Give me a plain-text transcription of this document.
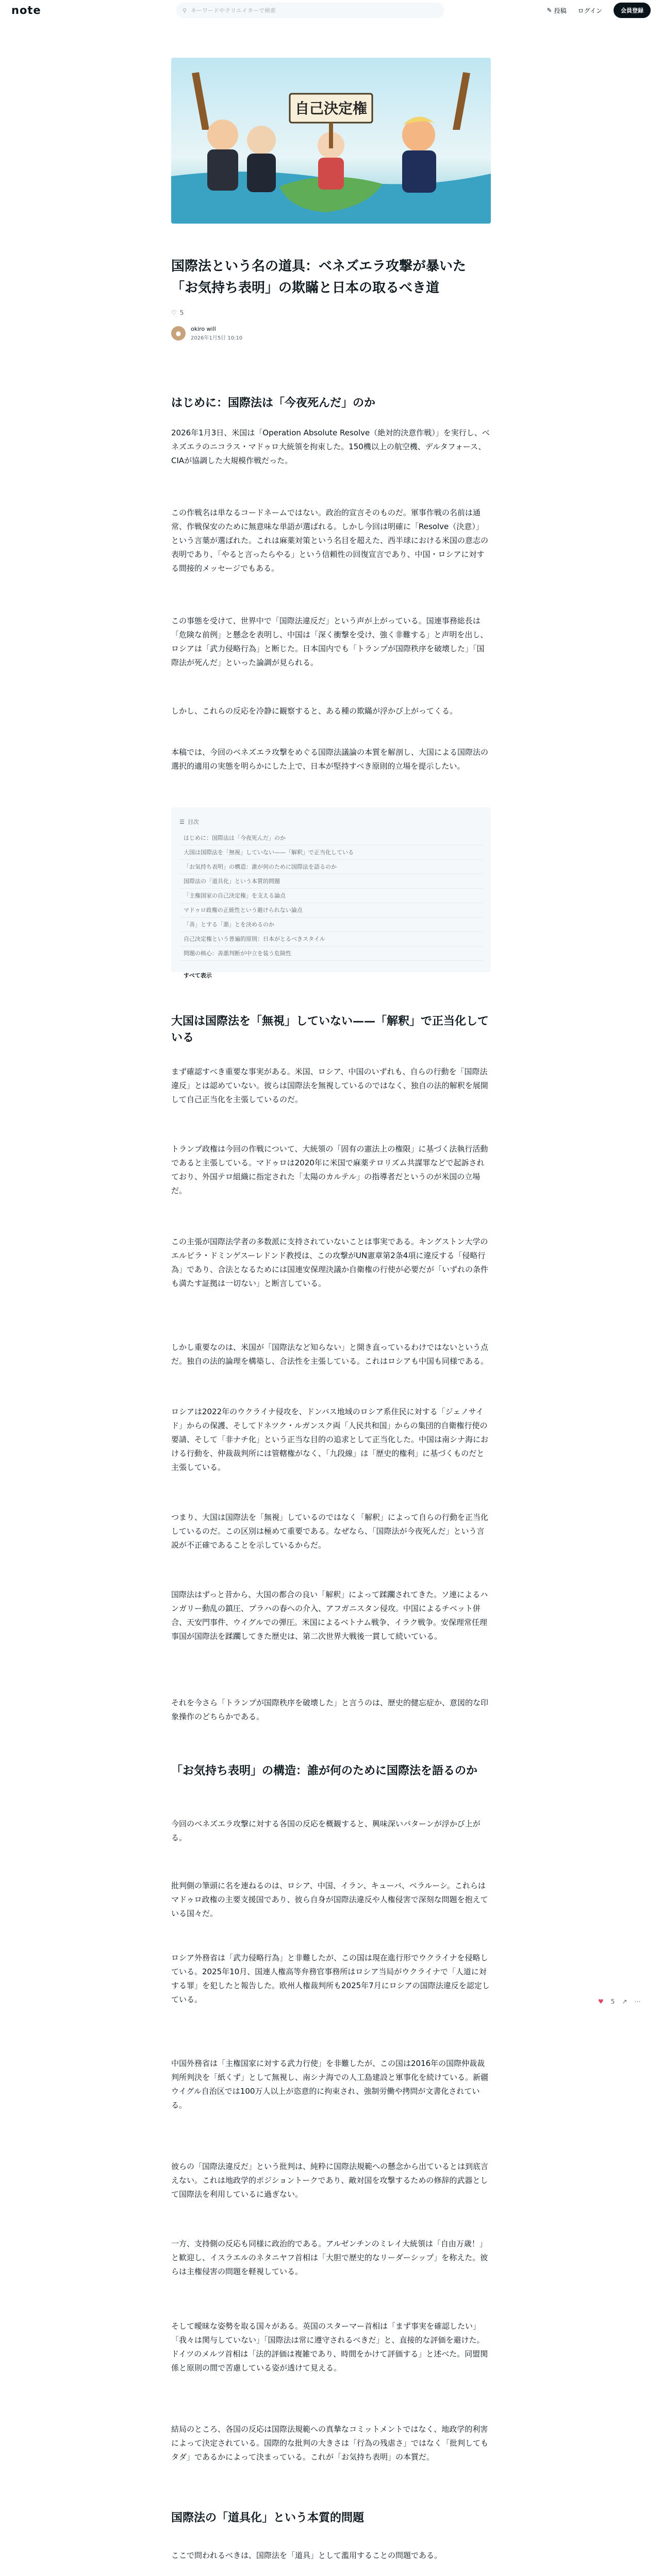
note	⚲ キーワードやクリエイターで検索	✎ 投稿 ログイン	会員登録
自己決定権
国際法という名の道具：ベネズエラ攻撃が暴いた「お気持ち表明」の欺瞞と日本の取るべき道
♡ 5
●
okiro will
2026年1月5日 10:10
はじめに：国際法は「今夜死んだ」のか

2026年1月3日、米国は「Operation Absolute Resolve（絶対的決意作戦）」を実行し、ベネズエラのニコラス・マドゥロ大統領を拘束した。150機以上の航空機、デルタフォース、CIAが協調した大規模作戦だった。

この作戦名は単なるコードネームではない。政治的宣言そのものだ。軍事作戦の名前は通常、作戦保安のために無意味な単語が選ばれる。しかし今回は明確に「Resolve（決意）」という言葉が選ばれた。これは麻薬対策という名目を超えた、西半球における米国の意志の表明であり、「やると言ったらやる」という信頼性の回復宣言であり、中国・ロシアに対する間接的メッセージでもある。

この事態を受けて、世界中で「国際法違反だ」という声が上がっている。国連事務総長は「危険な前例」と懸念を表明し、中国は「深く衝撃を受け、強く非難する」と声明を出し、ロシアは「武力侵略行為」と断じた。日本国内でも「トランプが国際秩序を破壊した」「国際法が死んだ」といった論調が見られる。

しかし、これらの反応を冷静に観察すると、ある種の欺瞞が浮かび上がってくる。

本稿では、今回のベネズエラ攻撃をめぐる国際法議論の本質を解剖し、大国による国際法の選択的適用の実態を明らかにした上で、日本が堅持すべき原則的立場を提示したい。

☰ 目次
はじめに：国際法は「今夜死んだ」のか
大国は国際法を「無視」していない——「解釈」で正当化している
「お気持ち表明」の構造：誰が何のために国際法を語るのか
国際法の「道具化」という本質的問題
「主権国家の自己決定権」を支える論点
マドゥロ政権の正統性という避けられない論点
「善」とする「悪」とを決めるのか
自己決定権という普遍的原則：日本がとるべきスタイル
問題の核心：善悪判断が中立を装う危険性
すべて表示
大国は国際法を「無視」していない——「解釈」で正当化している

まず確認すべき重要な事実がある。米国、ロシア、中国のいずれも、自らの行動を「国際法違反」とは認めていない。彼らは国際法を無視しているのではなく、独自の法的解釈を展開して自己正当化を主張しているのだ。

トランプ政権は今回の作戦について、大統領の「固有の憲法上の権限」に基づく法執行活動であると主張している。マドゥロは2020年に米国で麻薬テロリズム共謀罪などで起訴されており、外国テロ組織に指定された「太陽のカルテル」の指導者だというのが米国の立場だ。

この主張が国際法学者の多数派に支持されていないことは事実である。キングストン大学のエルビラ・ドミンゲスーレドンド教授は、この攻撃がUN憲章第2条4項に違反する「侵略行為」であり、合法となるためには国連安保理決議か自衛権の行使が必要だが「いずれの条件も満たす証拠は一切ない」と断言している。

しかし重要なのは、米国が「国際法など知らない」と開き直っているわけではないという点だ。独自の法的論理を構築し、合法性を主張している。これはロシアも中国も同様である。

ロシアは2022年のウクライナ侵攻を、ドンバス地域のロシア系住民に対する「ジェノサイド」からの保護、そしてドネツク・ルガンスク両「人民共和国」からの集団的自衛権行使の要請、そして「非ナチ化」という正当な目的の追求として正当化した。中国は南シナ海における行動を、仲裁裁判所には管轄権がなく、「九段線」は「歴史的権利」に基づくものだと主張している。

つまり、大国は国際法を「無視」しているのではなく「解釈」によって自らの行動を正当化しているのだ。この区別は極めて重要である。なぜなら、「国際法が今夜死んだ」という言説が不正確であることを示しているからだ。

国際法はずっと昔から、大国の都合の良い「解釈」によって蹂躙されてきた。ソ連によるハンガリー動乱の鎮圧、プラハの春への介入、アフガニスタン侵攻。中国によるチベット併合、天安門事件、ウイグルでの弾圧。米国によるベトナム戦争、イラク戦争。安保理常任理事国が国際法を蹂躙してきた歴史は、第二次世界大戦後一貫して続いている。

それを今さら「トランプが国際秩序を破壊した」と言うのは、歴史的健忘症か、意図的な印象操作のどちらかである。

「お気持ち表明」の構造：誰が何のために国際法を語るのか

今回のベネズエラ攻撃に対する各国の反応を概観すると、興味深いパターンが浮かび上がる。

批判側の筆頭に名を連ねるのは、ロシア、中国、イラン、キューバ、ベラルーシ。これらはマドゥロ政権の主要支援国であり、彼ら自身が国際法違反や人権侵害で深刻な問題を抱えている国々だ。

ロシア外務省は「武力侵略行為」と非難したが、この国は現在進行形でウクライナを侵略している。2025年10月、国連人権高等弁務官事務所はロシア当局がウクライナで「人道に対する罪」を犯したと報告した。欧州人権裁判所も2025年7月にロシアの国際法違反を認定している。

中国外務省は「主権国家に対する武力行使」を非難したが、この国は2016年の国際仲裁裁判所判決を「紙くず」として無視し、南シナ海での人工島建設と軍事化を続けている。新疆ウイグル自治区では100万人以上が恣意的に拘束され、強制労働や拷問が文書化されている。

彼らの「国際法違反だ」という批判は、純粋に国際法規範への懸念から出ているとは到底言えない。これは地政学的ポジショントークであり、敵対国を攻撃するための修辞的武器として国際法を利用しているに過ぎない。

一方、支持側の反応も同様に政治的である。アルゼンチンのミレイ大統領は「自由万歳！」と歓迎し、イスラエルのネタニヤフ首相は「大胆で歴史的なリーダーシップ」を称えた。彼らは主権侵害の問題を軽視している。

そして曖昧な姿勢を取る国々がある。英国のスターマー首相は「まず事実を確認したい」「我々は関与していない」「国際法は常に遵守されるべきだ」と、直接的な評価を避けた。ドイツのメルツ首相は「法的評価は複雑であり、時間をかけて評価する」と述べた。同盟関係と原則の間で苦慮している姿が透けて見える。

結局のところ、各国の反応は国際法規範への真摯なコミットメントではなく、地政学的利害によって決定されている。国際的な批判の大きさは「行為の残虐さ」ではなく「批判してもタダ」であるかによって決まっている。これが「お気持ち表明」の本質だ。

国際法の「道具化」という本質的問題

ここで問われるべきは、国際法を「道具」として濫用することの問題である。

♥ 5 ↗ ⋯
